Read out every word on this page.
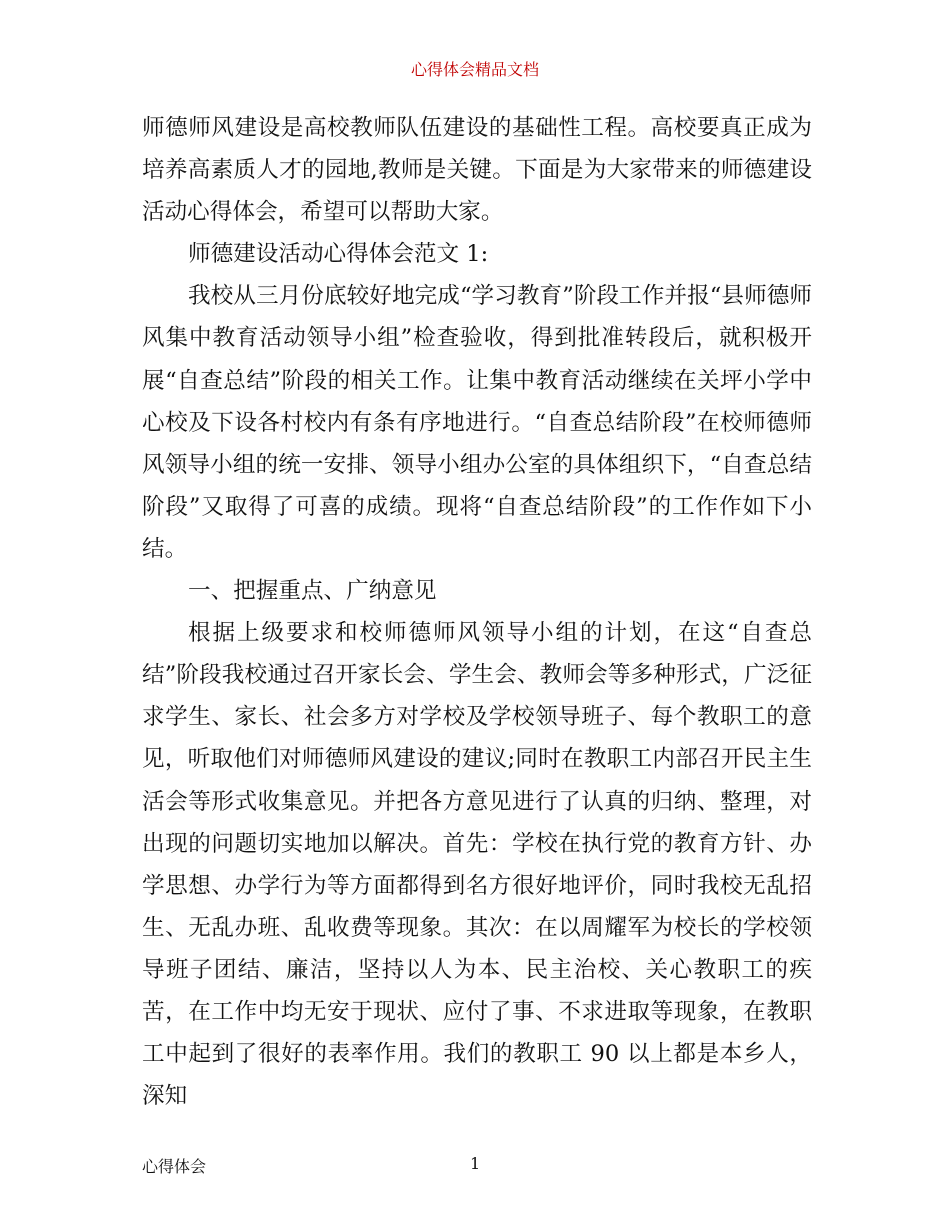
心得体会精品文档

师德师风建设是高校教师队伍建设的基础性工程。高校要真正成为培养高素质人才的园地,教师是关键。下面是为大家带来的师德建设活动心得体会，希望可以帮助大家。

师德建设活动心得体会范文 1:

我校从三月份底较好地完成“学习教育”阶段工作并报“县师德师风集中教育活动领导小组”检查验收，得到批准转段后，就积极开展“自查总结”阶段的相关工作。让集中教育活动继续在关坪小学中心校及下设各村校内有条有序地进行。“自查总结阶段”在校师德师风领导小组的统一安排、领导小组办公室的具体组织下，“自查总结阶段”又取得了可喜的成绩。现将“自查总结阶段”的工作作如下小结。

一、把握重点、广纳意见

根据上级要求和校师德师风领导小组的计划，在这“自查总结”阶段我校通过召开家长会、学生会、教师会等多种形式，广泛征求学生、家长、社会多方对学校及学校领导班子、每个教职工的意见，听取他们对师德师风建设的建议;同时在教职工内部召开民主生活会等形式收集意见。并把各方意见进行了认真的归纳、整理，对出现的问题切实地加以解决。首先：学校在执行党的教育方针、办学思想、办学行为等方面都得到名方很好地评价，同时我校无乱招生、无乱办班、乱收费等现象。其次：在以周耀军为校长的学校领导班子团结、廉洁，坚持以人为本、民主治校、关心教职工的疾苦，在工作中均无安于现状、应付了事、不求进取等现象，在教职工中起到了很好的表率作用。我们的教职工 90 以上都是本乡人，深知

心得体会	1
